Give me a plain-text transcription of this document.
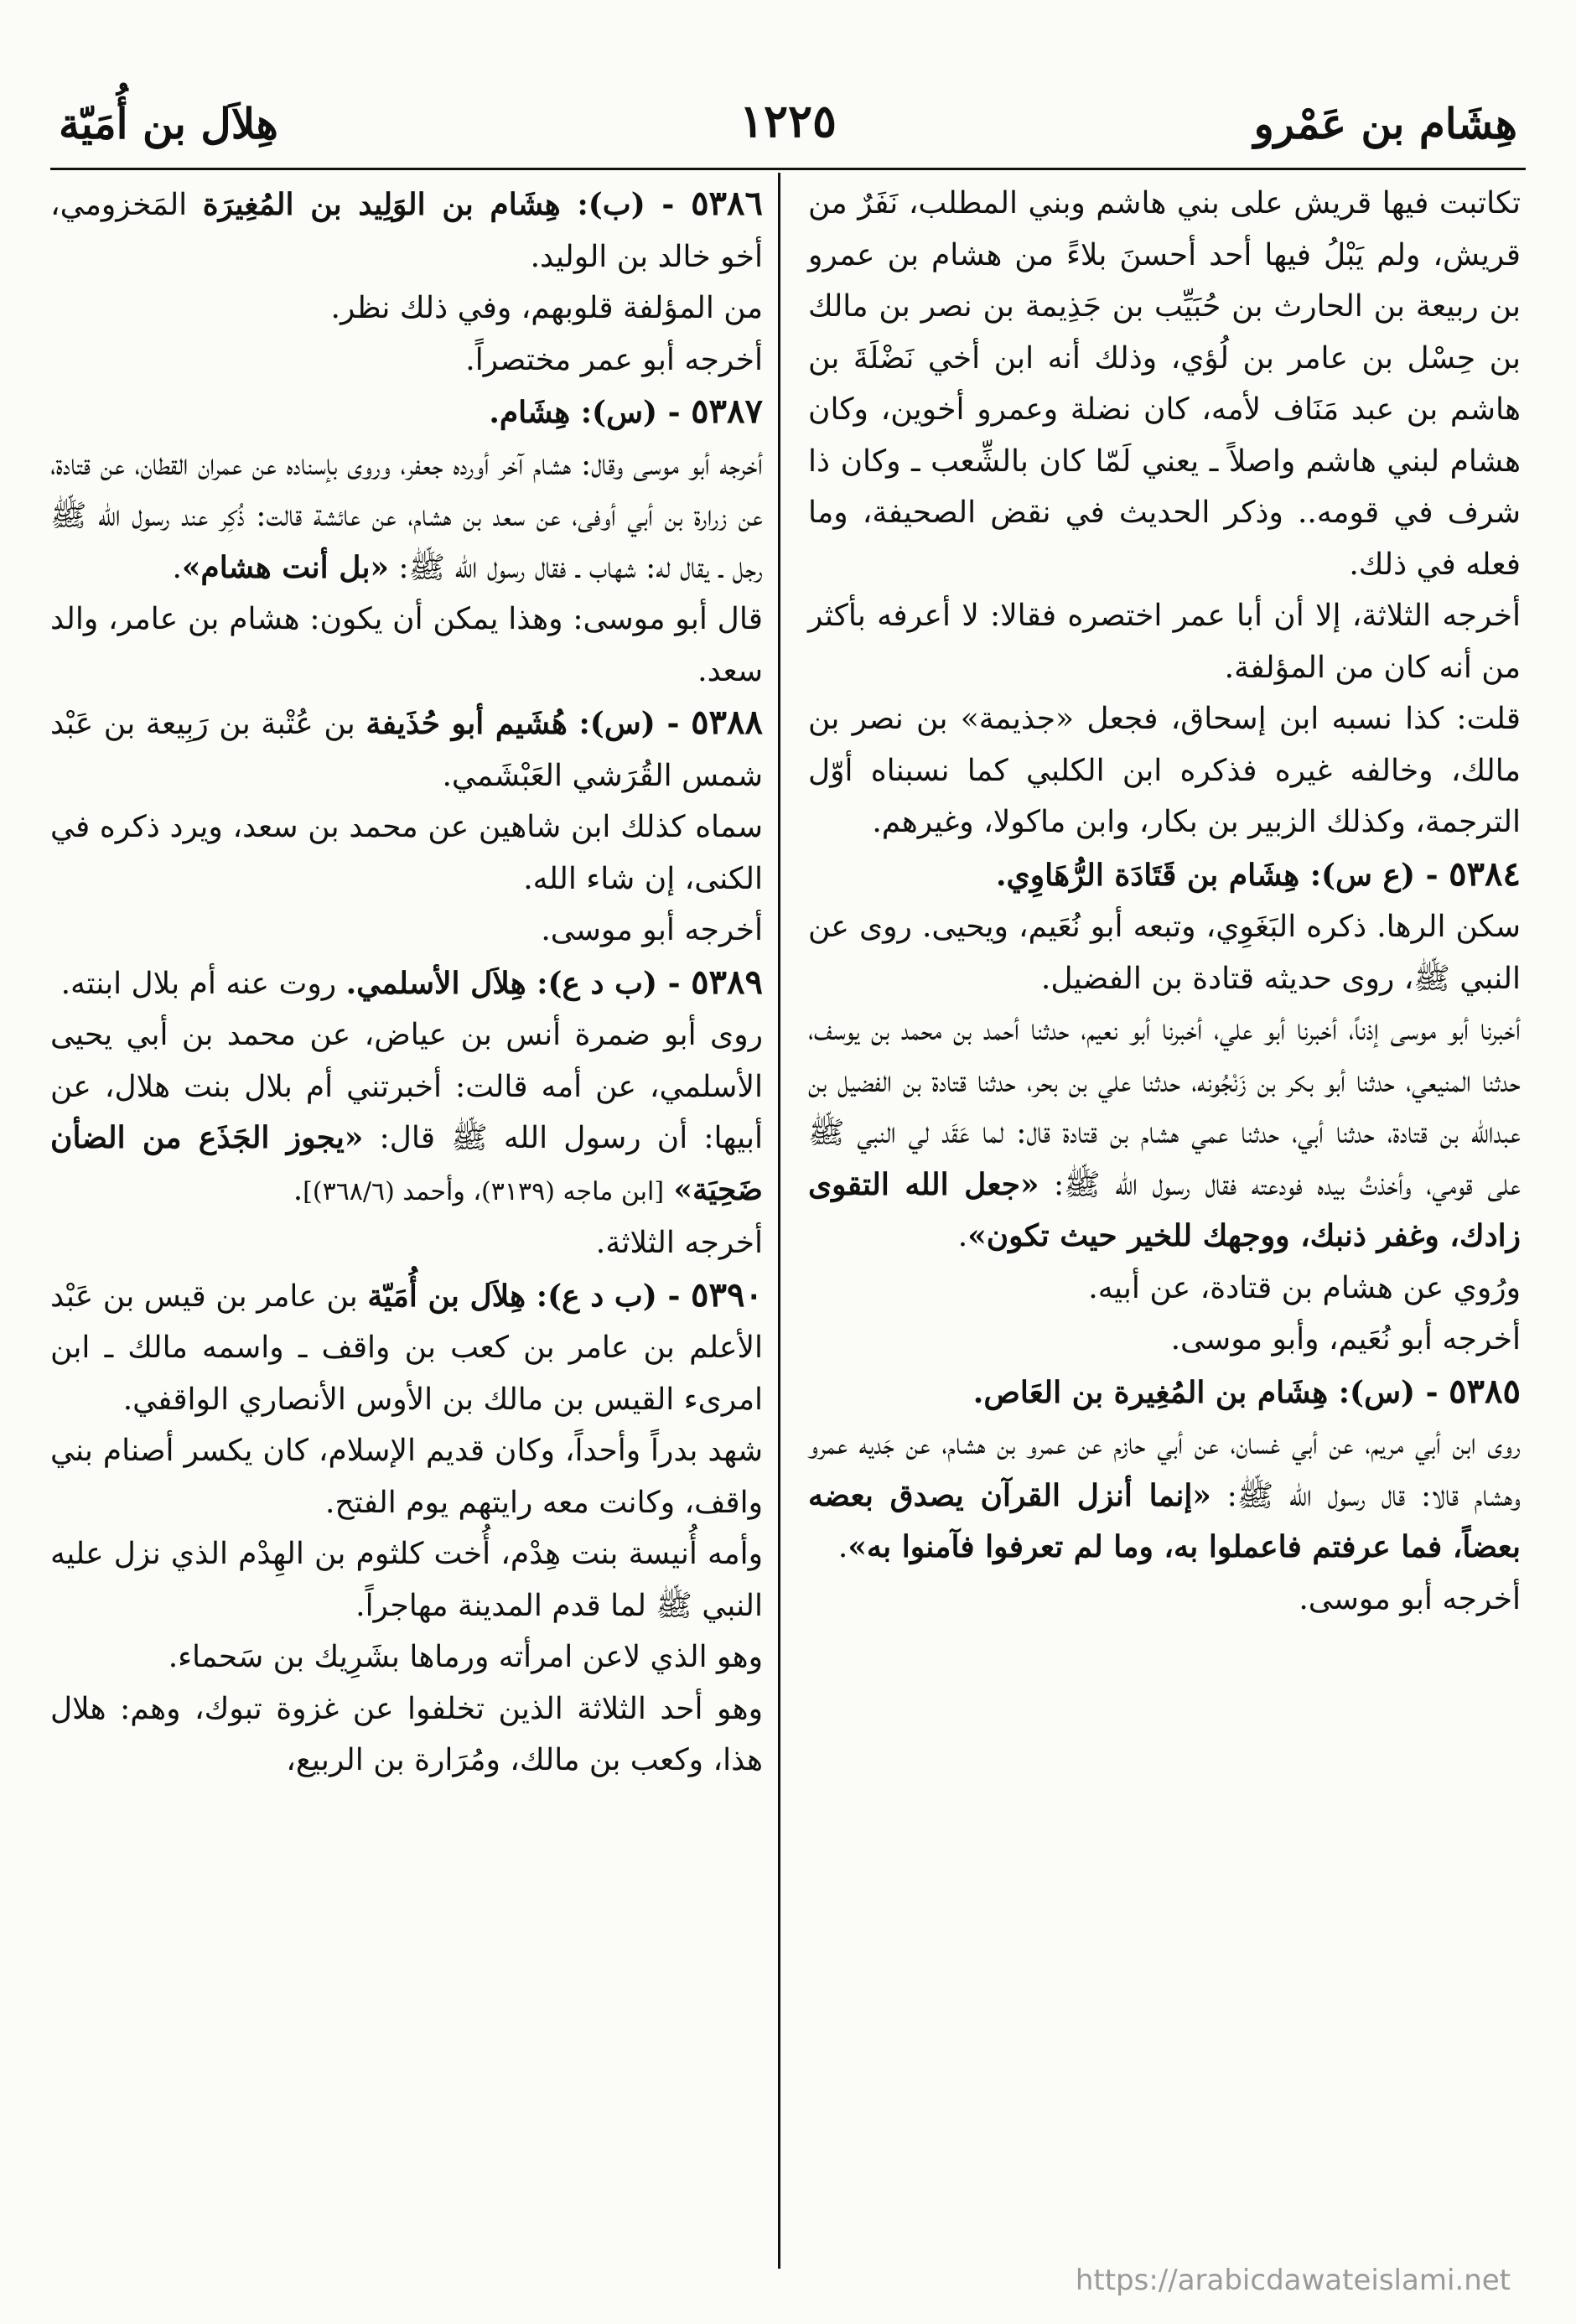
هِشَام بن عَمْرو
١٢٢٥
هِلاَل بن أُمَيّة

تكاتبت فيها قريش على بني هاشم وبني المطلب، نَفَرٌ من قريش، ولم يَبْلُ فيها أحد أحسنَ بلاءً من هشام بن عمرو بن ربيعة بن الحارث بن حُبَيِّب بن جَذِيمة بن نصر بن مالك بن حِسْل بن عامر بن لُؤي، وذلك أنه ابن أخي نَضْلَةَ بن هاشم بن عبد مَنَاف لأمه، كان نضلة وعمرو أخوين، وكان هشام لبني هاشم واصلاً ـ يعني لَمّا كان بالشِّعب ـ وكان ذا شرف في قومه.. وذكر الحديث في نقض الصحيفة، وما فعله في ذلك.

أخرجه الثلاثة، إلا أن أبا عمر اختصره فقالا: لا أعرفه بأكثر من أنه كان من المؤلفة.

قلت: كذا نسبه ابن إسحاق، فجعل «جذيمة» بن نصر بن مالك، وخالفه غيره فذكره ابن الكلبي كما نسبناه أوّل الترجمة، وكذلك الزبير بن بكار، وابن ماكولا، وغيرهم.

٥٣٨٤ - (ع س): هِشَام بن قَتَادَة الرُّهَاوِي.

سكن الرها. ذكره البَغَوِي، وتبعه أبو نُعَيم، ويحيى. روى عن النبي ﷺ، روى حديثه قتادة بن الفضيل.

أخبرنا أبو موسى إذناً، أخبرنا أبو علي، أخبرنا أبو نعيم، حدثنا أحمد بن محمد بن يوسف، حدثنا المنيعي، حدثنا أبو بكر بن زَنْجُونه، حدثنا علي بن بحر، حدثنا قتادة بن الفضيل بن عبدالله بن قتادة، حدثنا أبي، حدثنا عمي هشام بن قتادة قال: لما عَقَد لي النبي ﷺ على قومي، وأخذتُ بيده فودعته فقال رسول الله ﷺ: «جعل الله التقوى زادك، وغفر ذنبك، ووجهك للخير حيث تكون».

ورُوي عن هشام بن قتادة، عن أبيه.

أخرجه أبو نُعَيم، وأبو موسى.

٥٣٨٥ - (س): هِشَام بن المُغِيرة بن العَاص.

روى ابن أبي مريم، عن أبي غسان، عن أبي حازم عن عمرو بن هشام، عن جَديه عمرو وهشام قالا: قال رسول الله ﷺ: «إنما أنزل القرآن يصدق بعضه بعضاً، فما عرفتم فاعملوا به، وما لم تعرفوا فآمنوا به».

أخرجه أبو موسى.

٥٣٨٦ - (ب): هِشَام بن الوَلِيد بن المُغِيرَة المَخزومي، أخو خالد بن الوليد.

من المؤلفة قلوبهم، وفي ذلك نظر.

أخرجه أبو عمر مختصراً.

٥٣٨٧ - (س): هِشَام.

أخرجه أبو موسى وقال: هشام آخر أورده جعفر، وروى بإسناده عن عمران القطان، عن قتادة، عن زرارة بن أبي أوفى، عن سعد بن هشام، عن عائشة قالت: ذُكِر عند رسول الله ﷺ رجل ـ يقال له: شهاب ـ فقال رسول الله ﷺ: «بل أنت هشام».

قال أبو موسى: وهذا يمكن أن يكون: هشام بن عامر، والد سعد.

٥٣٨٨ - (س): هُشَيم أبو حُذَيفة بن عُتْبة بن رَبِيعة بن عَبْد شمس القُرَشي العَبْشَمي.

سماه كذلك ابن شاهين عن محمد بن سعد، ويرد ذكره في الكنى، إن شاء الله.

أخرجه أبو موسى.

٥٣٨٩ - (ب د ع): هِلاَل الأسلمي. روت عنه أم بلال ابنته.

روى أبو ضمرة أنس بن عياض، عن محمد بن أبي يحيى الأسلمي، عن أمه قالت: أخبرتني أم بلال بنت هلال، عن أبيها: أن رسول الله ﷺ قال: «يجوز الجَذَع من الضأن ضَحِيَة» [ابن ماجه (٣١٣٩)، وأحمد (٣٦٨/٦)].

أخرجه الثلاثة.

٥٣٩٠ - (ب د ع): هِلاَل بن أُمَيّة بن عامر بن قيس بن عَبْد الأعلم بن عامر بن كعب بن واقف ـ واسمه مالك ـ ابن امرىء القيس بن مالك بن الأوس الأنصاري الواقفي.

شهد بدراً وأحداً، وكان قديم الإسلام، كان يكسر أصنام بني واقف، وكانت معه رايتهم يوم الفتح.

وأمه أُنيسة بنت هِدْم، أُخت كلثوم بن الهِدْم الذي نزل عليه النبي ﷺ لما قدم المدينة مهاجراً.

وهو الذي لاعن امرأته ورماها بشَرِيك بن سَحماء.

وهو أحد الثلاثة الذين تخلفوا عن غزوة تبوك، وهم: هلال هذا، وكعب بن مالك، ومُرَارة بن الربيع،

https://arabicdawateislami.net
